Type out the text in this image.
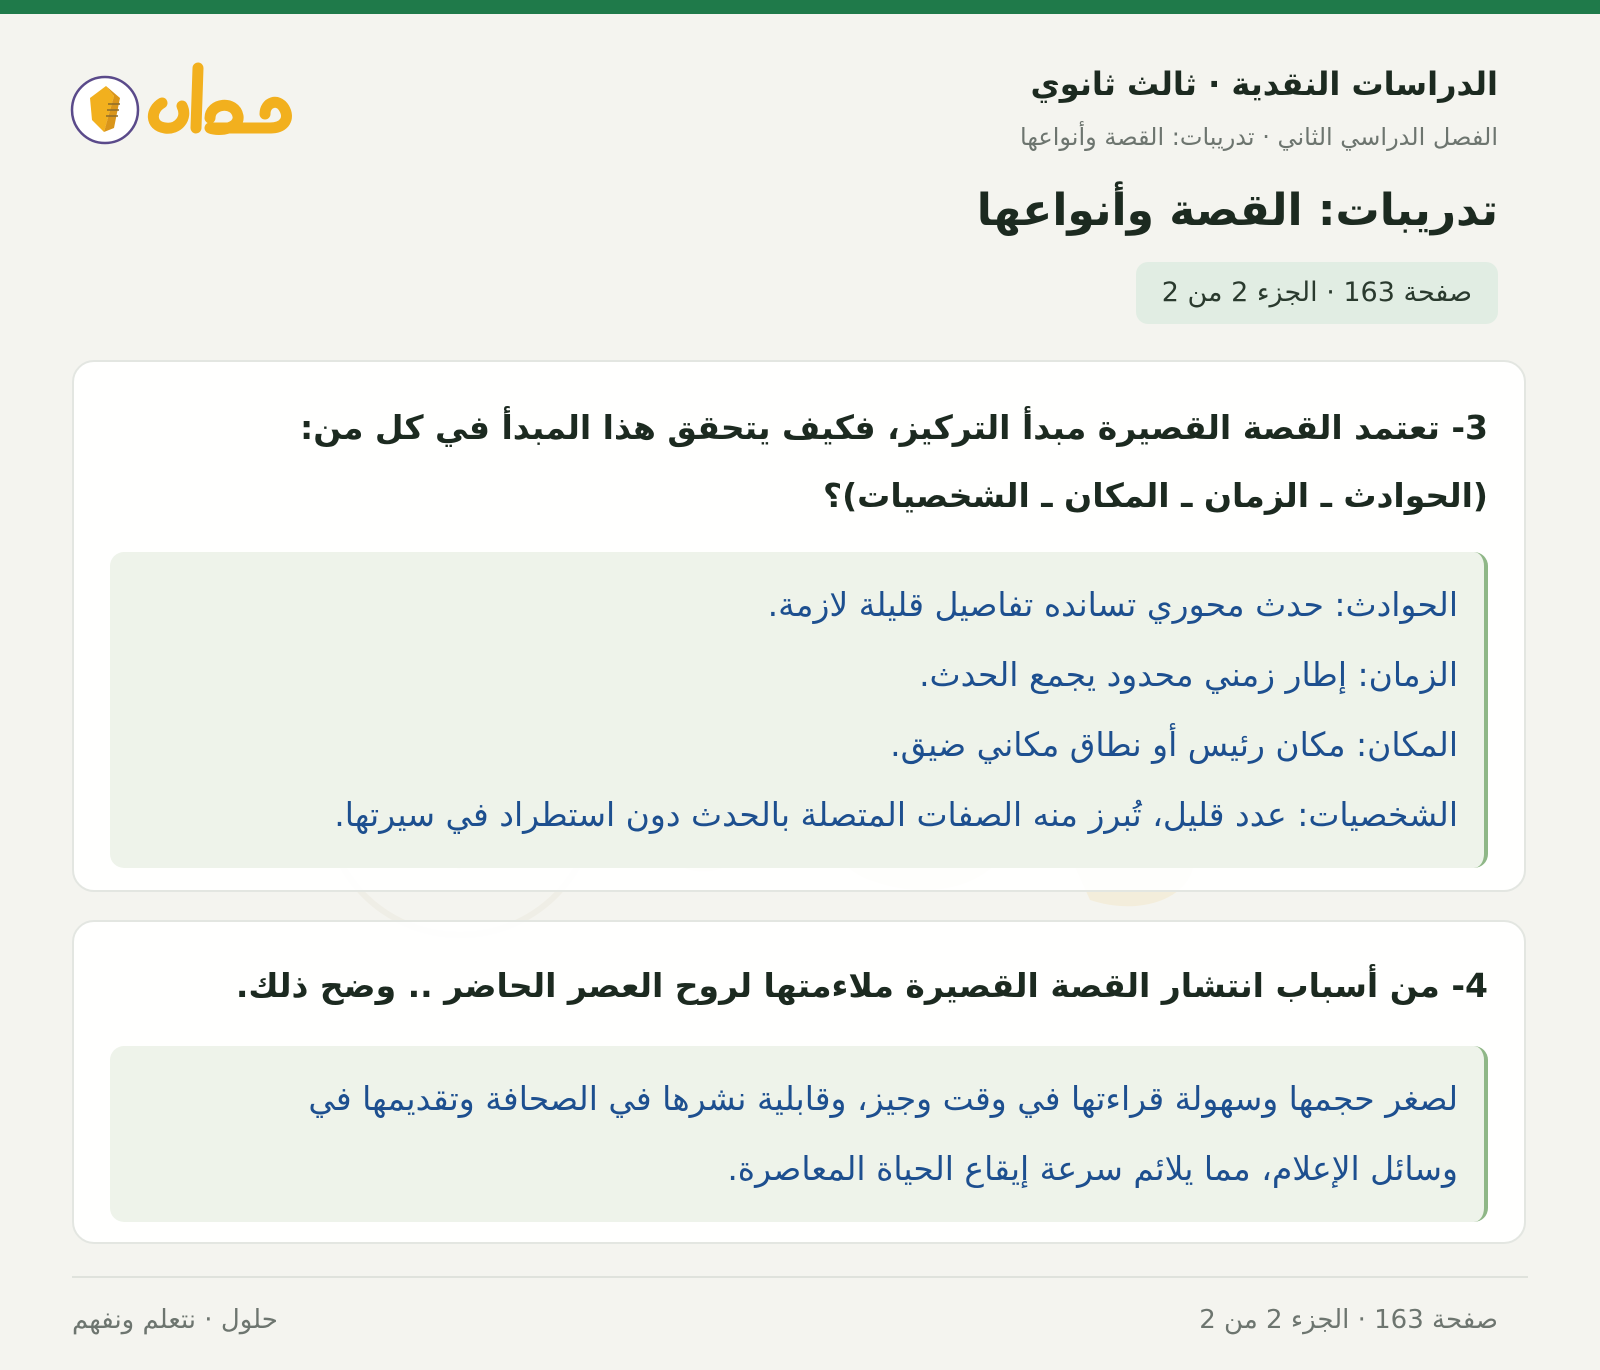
الدراسات النقدية · ثالث ثانوي
الفصل الدراسي الثاني · تدريبات: القصة وأنواعها
تدريبات: القصة وأنواعها
صفحة 163 · الجزء 2 من 2
3- تعتمد القصة القصيرة مبدأ التركيز، فكيف يتحقق هذا المبدأ في كل من:
(الحوادث ـ الزمان ـ المكان ـ الشخصيات)؟
الحوادث: حدث محوري تسانده تفاصيل قليلة لازمة.
الزمان: إطار زمني محدود يجمع الحدث.
المكان: مكان رئيس أو نطاق مكاني ضيق.
الشخصيات: عدد قليل، تُبرز منه الصفات المتصلة بالحدث دون استطراد في سيرتها.
4- من أسباب انتشار القصة القصيرة ملاءمتها لروح العصر الحاضر .. وضح ذلك.
لصغر حجمها وسهولة قراءتها في وقت وجيز، وقابلية نشرها في الصحافة وتقديمها في
وسائل الإعلام، مما يلائم سرعة إيقاع الحياة المعاصرة.
صفحة 163 · الجزء 2 من 2
حلول · نتعلم ونفهم
